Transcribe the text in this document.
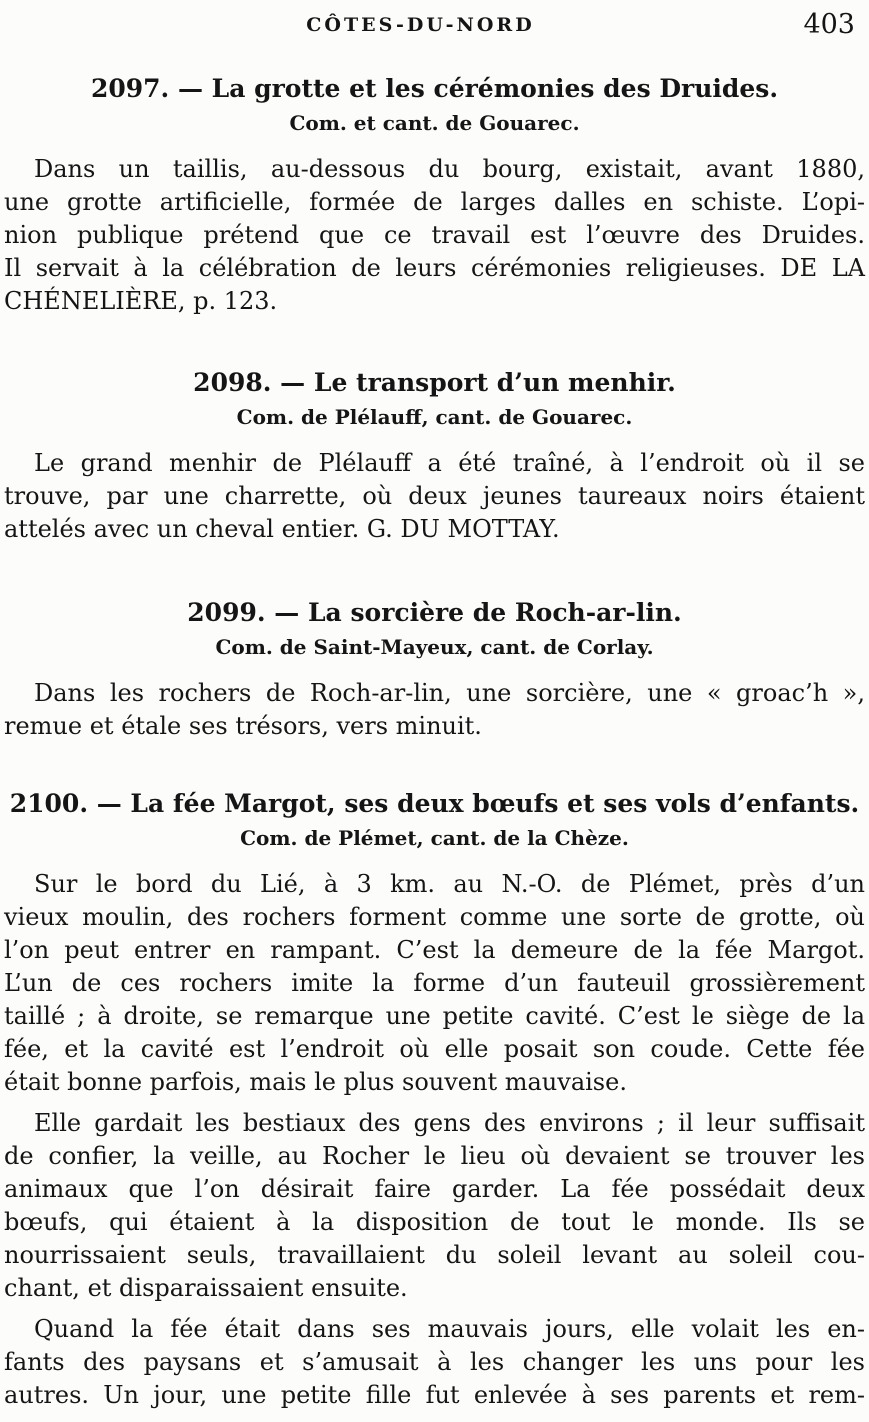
CÔTES-DU-NORD	403
2097. — La grotte et les cérémonies des Druides.
Com. et cant. de Gouarec.
Dans un taillis, au-dessous du bourg, existait, avant 1880,
une grotte artificielle, formée de larges dalles en schiste. L’opi-
nion publique prétend que ce travail est l’œuvre des Druides.
Il servait à la célébration de leurs cérémonies religieuses. DE LA
CHÉNELIÈRE, p. 123.
2098. — Le transport d’un menhir.
Com. de Plélauff, cant. de Gouarec.
Le grand menhir de Plélauff a été traîné, à l’endroit où il se
trouve, par une charrette, où deux jeunes taureaux noirs étaient
attelés avec un cheval entier. G. DU MOTTAY.
2099. — La sorcière de Roch-ar-lin.
Com. de Saint-Mayeux, cant. de Corlay.
Dans les rochers de Roch-ar-lin, une sorcière, une « groac’h »,
remue et étale ses trésors, vers minuit.
2100. — La fée Margot, ses deux bœufs et ses vols d’enfants.
Com. de Plémet, cant. de la Chèze.
Sur le bord du Lié, à 3 km. au N.-O. de Plémet, près d’un
vieux moulin, des rochers forment comme une sorte de grotte, où
l’on peut entrer en rampant. C’est la demeure de la fée Margot.
L’un de ces rochers imite la forme d’un fauteuil grossièrement
taillé ; à droite, se remarque une petite cavité. C’est le siège de la
fée, et la cavité est l’endroit où elle posait son coude. Cette fée
était bonne parfois, mais le plus souvent mauvaise.
Elle gardait les bestiaux des gens des environs ; il leur suffisait
de confier, la veille, au Rocher le lieu où devaient se trouver les
animaux que l’on désirait faire garder. La fée possédait deux
bœufs, qui étaient à la disposition de tout le monde. Ils se
nourrissaient seuls, travaillaient du soleil levant au soleil cou-
chant, et disparaissaient ensuite.
Quand la fée était dans ses mauvais jours, elle volait les en-
fants des paysans et s’amusait à les changer les uns pour les
autres. Un jour, une petite fille fut enlevée à ses parents et rem-
